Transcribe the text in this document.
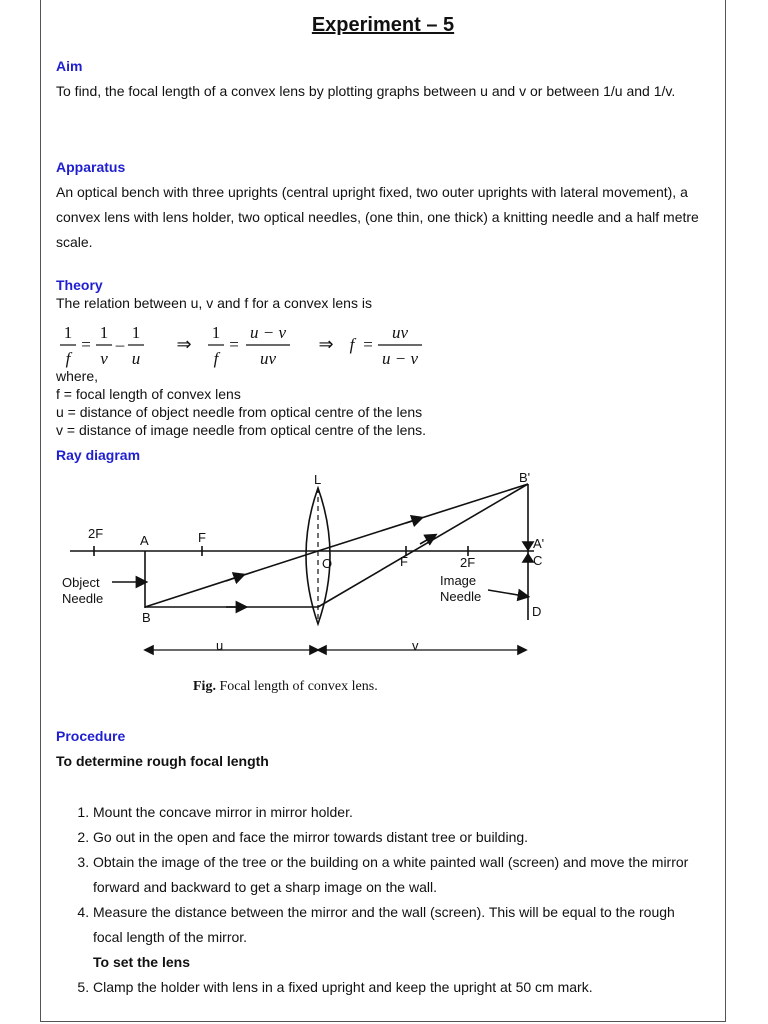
Experiment – 5
Aim
To find, the focal length of a convex lens by plotting graphs between u and v or between 1/u and 1/v.
Apparatus
An optical bench with three uprights (central upright fixed, two outer uprights with lateral movement), a convex lens with lens holder, two optical needles, (one thin, one thick) a knitting needle and a half metre scale.
Theory
The relation between u, v and f for a convex lens is
1
f
=
1
v
–
1
u
⇒
1
f
=
u − v
uv
⇒ f =
uv
u − v
where,
f = focal length of convex lens
u = distance of object needle from optical centre of the lens
v = distance of image needle from optical centre of the lens.
Ray diagram
2F	A	F
L
O	F	2F
B'
A'
C
D
B
Object
Needle
Image
Needle
u	v
Fig. Focal length of convex lens.
Procedure
To determine rough focal length
1. Mount the concave mirror in mirror holder.
2. Go out in the open and face the mirror towards distant tree or building.
3. Obtain the image of the tree or the building on a white painted wall (screen) and move the mirror forward and backward to get a sharp image on the wall.
4. Measure the distance between the mirror and the wall (screen). This will be equal to the rough focal length of the mirror.
To set the lens
5. Clamp the holder with lens in a fixed upright and keep the upright at 50 cm mark.
